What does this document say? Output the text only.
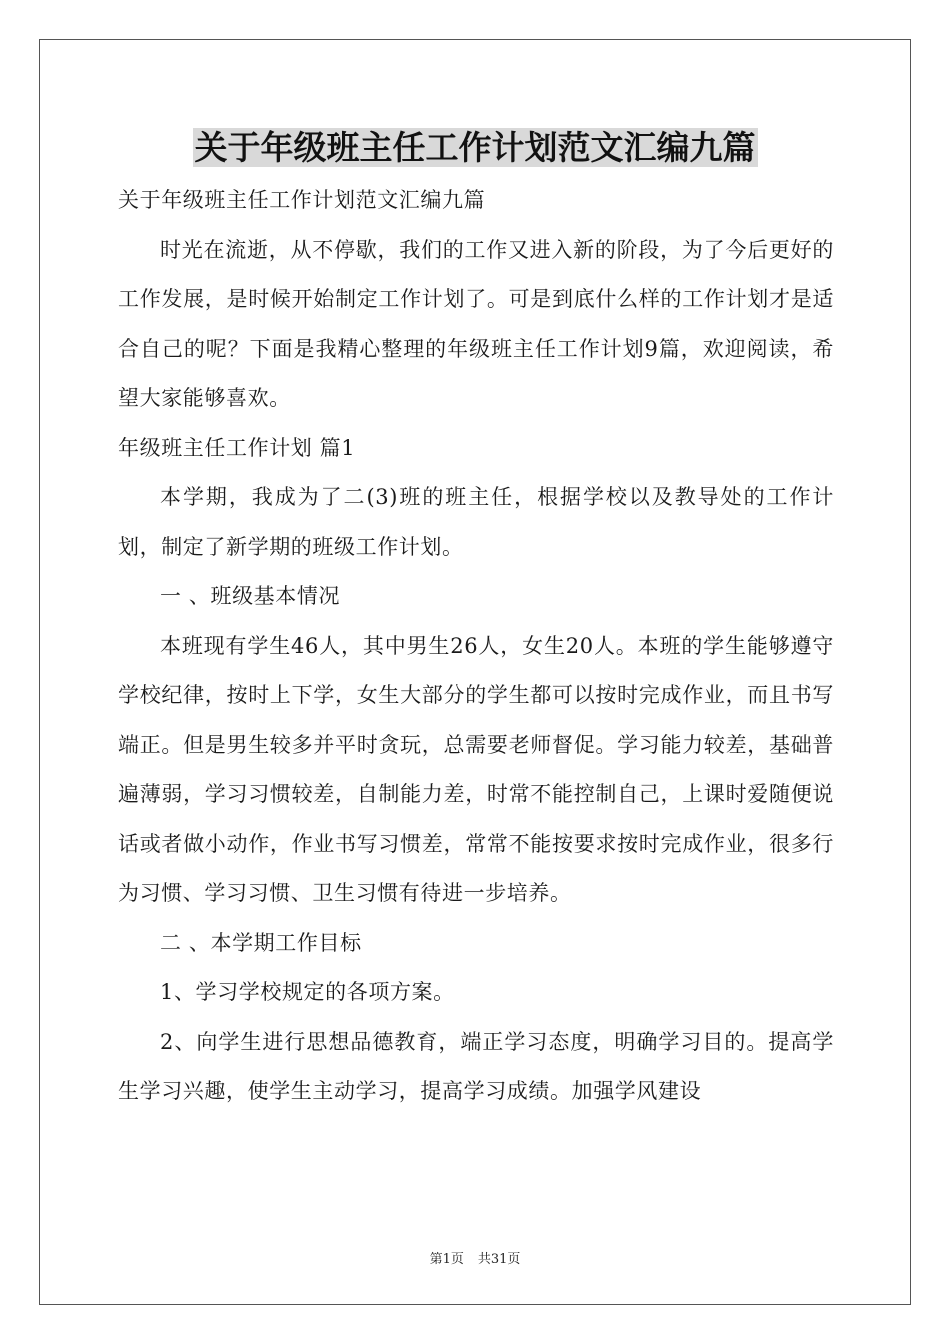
关于年级班主任工作计划范文汇编九篇

关于年级班主任工作计划范文汇编九篇

时光在流逝，从不停歇，我们的工作又进入新的阶段，为了今后更好的工作发展，是时候开始制定工作计划了。可是到底什么样的工作计划才是适合自己的呢？下面是我精心整理的年级班主任工作计划9篇，欢迎阅读，希望大家能够喜欢。

年级班主任工作计划 篇1

本学期，我成为了二(3)班的班主任，根据学校以及教导处的工作计划，制定了新学期的班级工作计划。

一 、班级基本情况

本班现有学生46人，其中男生26人，女生20人。本班的学生能够遵守学校纪律，按时上下学，女生大部分的学生都可以按时完成作业，而且书写端正。但是男生较多并平时贪玩，总需要老师督促。学习能力较差，基础普遍薄弱，学习习惯较差，自制能力差，时常不能控制自己，上课时爱随便说话或者做小动作，作业书写习惯差，常常不能按要求按时完成作业，很多行为习惯、学习习惯、卫生习惯有待进一步培养。

二 、本学期工作目标

1、学习学校规定的各项方案。

2、向学生进行思想品德教育，端正学习态度，明确学习目的。提高学生学习兴趣，使学生主动学习，提高学习成绩。加强学风建设

第1页 共31页
